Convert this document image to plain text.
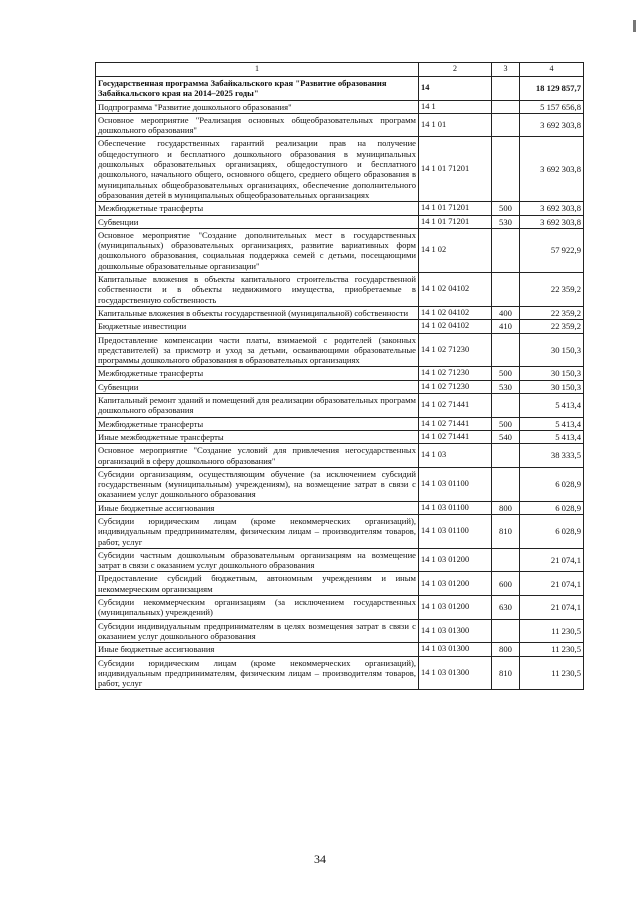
1	2	3	4
Государственная программа Забайкальского края "Развитие образования Забайкальского края на 2014–2025 годы"	14		18 129 857,7
Подпрограмма "Развитие дошкольного образования"	14 1		5 157 656,8
Основное мероприятие "Реализация основных общеобразовательных программ дошкольного образования"	14 1 01		3 692 303,8
Обеспечение государственных гарантий реализации прав на получение общедоступного и бесплатного дошкольного образования в муниципальных дошкольных образовательных организациях, общедоступного и бесплатного дошкольного, начального общего, основного общего, среднего общего образования в муниципальных общеобразовательных организациях, обеспечение дополнительного образования детей в муниципальных общеобразовательных организациях	14 1 01 71201		3 692 303,8
Межбюджетные трансферты	14 1 01 71201	500	3 692 303,8
Субвенции	14 1 01 71201	530	3 692 303,8
Основное мероприятие "Создание дополнительных мест в государственных (муниципальных) образовательных организациях, развитие вариативных форм дошкольного образования, социальная поддержка семей с детьми, посещающими дошкольные образовательные организации"	14 1 02		57 922,9
Капитальные вложения в объекты капитального строительства государственной собственности и в объекты недвижимого имущества, приобретаемые в государственную собственность	14 1 02 04102		22 359,2
Капитальные вложения в объекты государственной (муниципальной) собственности	14 1 02 04102	400	22 359,2
Бюджетные инвестиции	14 1 02 04102	410	22 359,2
Предоставление компенсации части платы, взимаемой с родителей (законных представителей) за присмотр и уход за детьми, осваивающими образовательные программы дошкольного образования в образовательных организациях	14 1 02 71230		30 150,3
Межбюджетные трансферты	14 1 02 71230	500	30 150,3
Субвенции	14 1 02 71230	530	30 150,3
Капитальный ремонт зданий и помещений для реализации образовательных программ дошкольного образования	14 1 02 71441		5 413,4
Межбюджетные трансферты	14 1 02 71441	500	5 413,4
Иные межбюджетные трансферты	14 1 02 71441	540	5 413,4
Основное мероприятие "Создание условий для привлечения негосударственных организаций в сферу дошкольного образования"	14 1 03		38 333,5
Субсидии организациям, осуществляющим обучение (за исключением субсидий государственным (муниципальным) учреждениям), на возмещение затрат в связи с оказанием услуг дошкольного образования	14 1 03 01100		6 028,9
Иные бюджетные ассигнования	14 1 03 01100	800	6 028,9
Субсидии юридическим лицам (кроме некоммерческих организаций), индивидуальным предпринимателям, физическим лицам – производителям товаров, работ, услуг	14 1 03 01100	810	6 028,9
Субсидии частным дошкольным образовательным организациям на возмещение затрат в связи с оказанием услуг дошкольного образования	14 1 03 01200		21 074,1
Предоставление субсидий бюджетным, автономным учреждениям и иным некоммерческим организациям	14 1 03 01200	600	21 074,1
Субсидии некоммерческим организациям (за исключением государственных (муниципальных) учреждений)	14 1 03 01200	630	21 074,1
Субсидии индивидуальным предпринимателям в целях возмещения затрат в связи с оказанием услуг дошкольного образования	14 1 03 01300		11 230,5
Иные бюджетные ассигнования	14 1 03 01300	800	11 230,5
Субсидии юридическим лицам (кроме некоммерческих организаций), индивидуальным предпринимателям, физическим лицам – производителям товаров, работ, услуг	14 1 03 01300	810	11 230,5
34
